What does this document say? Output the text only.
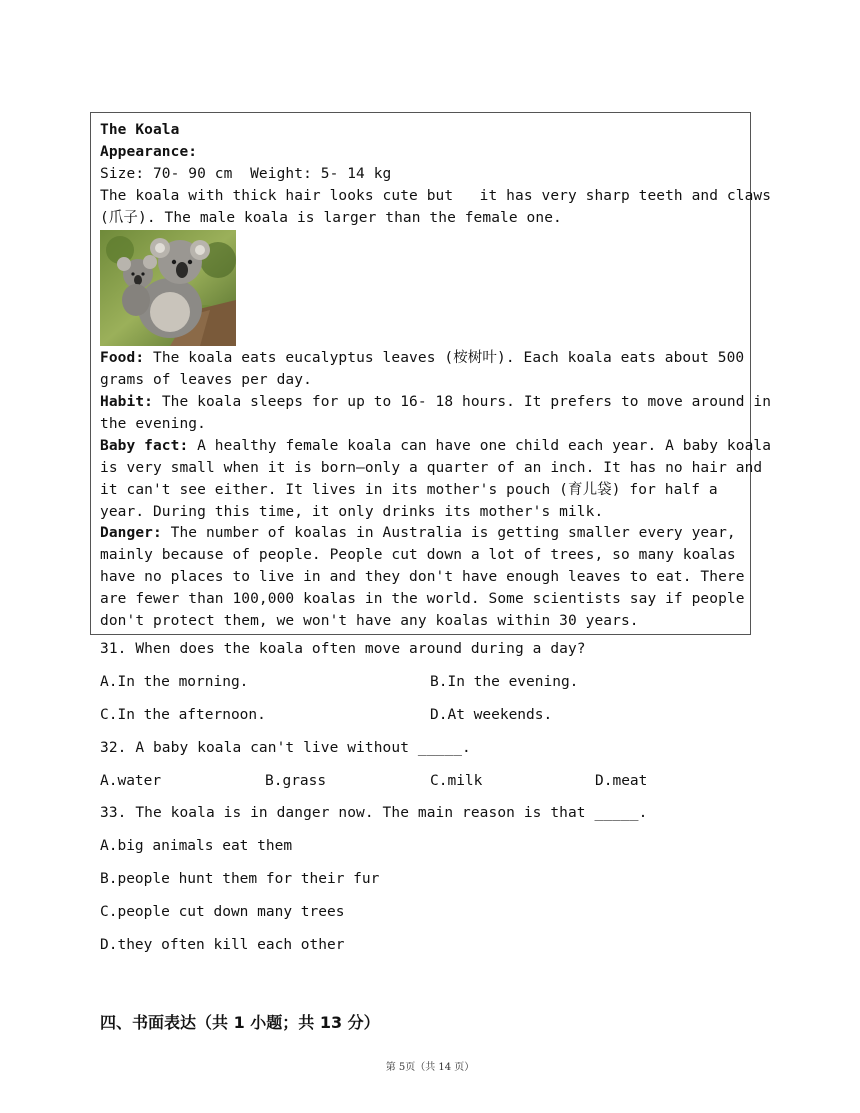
The Koala
Appearance:
Size: 70- 90 cm  Weight: 5- 14 kg
The koala with thick hair looks cute but   it has very sharp teeth and claws
(爪子). The male koala is larger than the female one.
Food: The koala eats eucalyptus leaves (桉树叶). Each koala eats about 500
grams of leaves per day.
Habit: The koala sleeps for up to 16- 18 hours. It prefers to move around in
the evening.
Baby fact: A healthy female koala can have one child each year. A baby koala
is very small when it is born—only a quarter of an inch. It has no hair and
it can't see either. It lives in its mother's pouch (育儿袋) for half a
year. During this time, it only drinks its mother's milk.
Danger: The number of koalas in Australia is getting smaller every year,
mainly because of people. People cut down a lot of trees, so many koalas
have no places to live in and they don't have enough leaves to eat. There
are fewer than 100,000 koalas in the world. Some scientists say if people
don't protect them, we won't have any koalas within 30 years.
31. When does the koala often move around during a day?
A.In the morning.	B.In the evening.
C.In the afternoon.	D.At weekends.
32. A baby koala can't live without _____.
A.water	B.grass	C.milk	D.meat
33. The koala is in danger now. The main reason is that _____.
A.big animals eat them
B.people hunt them for their fur
C.people cut down many trees
D.they often kill each other
四、书面表达（共 1 小题；共 13 分）
第 5页（共 14 页）
